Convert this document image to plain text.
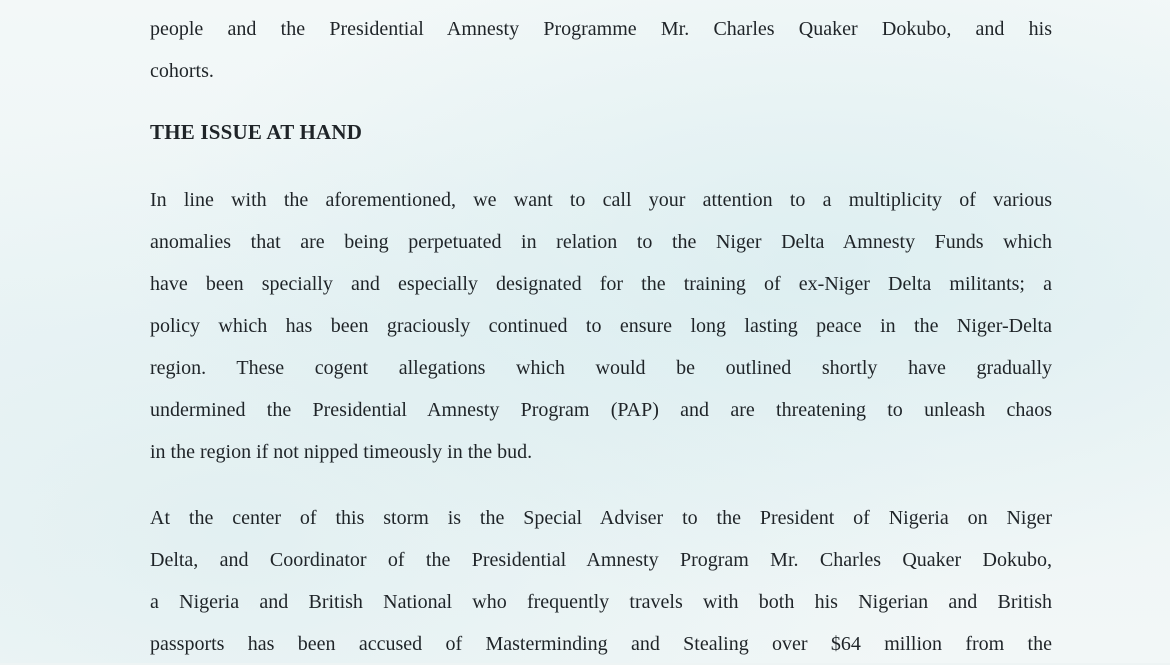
people and the Presidential Amnesty Programme Mr. Charles Quaker Dokubo, and his
cohorts.
THE ISSUE AT HAND
In line with the aforementioned, we want to call your attention to a multiplicity of various
anomalies that are being perpetuated in relation to the Niger Delta Amnesty Funds which
have been specially and especially designated for the training of ex-Niger Delta militants; a
policy which has been graciously continued to ensure long lasting peace in the Niger-Delta
region. These cogent allegations which would be outlined shortly have gradually
undermined the Presidential Amnesty Program (PAP) and are threatening to unleash chaos
in the region if not nipped timeously in the bud.
At the center of this storm is the Special Adviser to the President of Nigeria on Niger
Delta, and Coordinator of the Presidential Amnesty Program Mr. Charles Quaker Dokubo,
a Nigeria and British National who frequently travels with both his Nigerian and British
passports has been accused of Masterminding and Stealing over $64 million from the
